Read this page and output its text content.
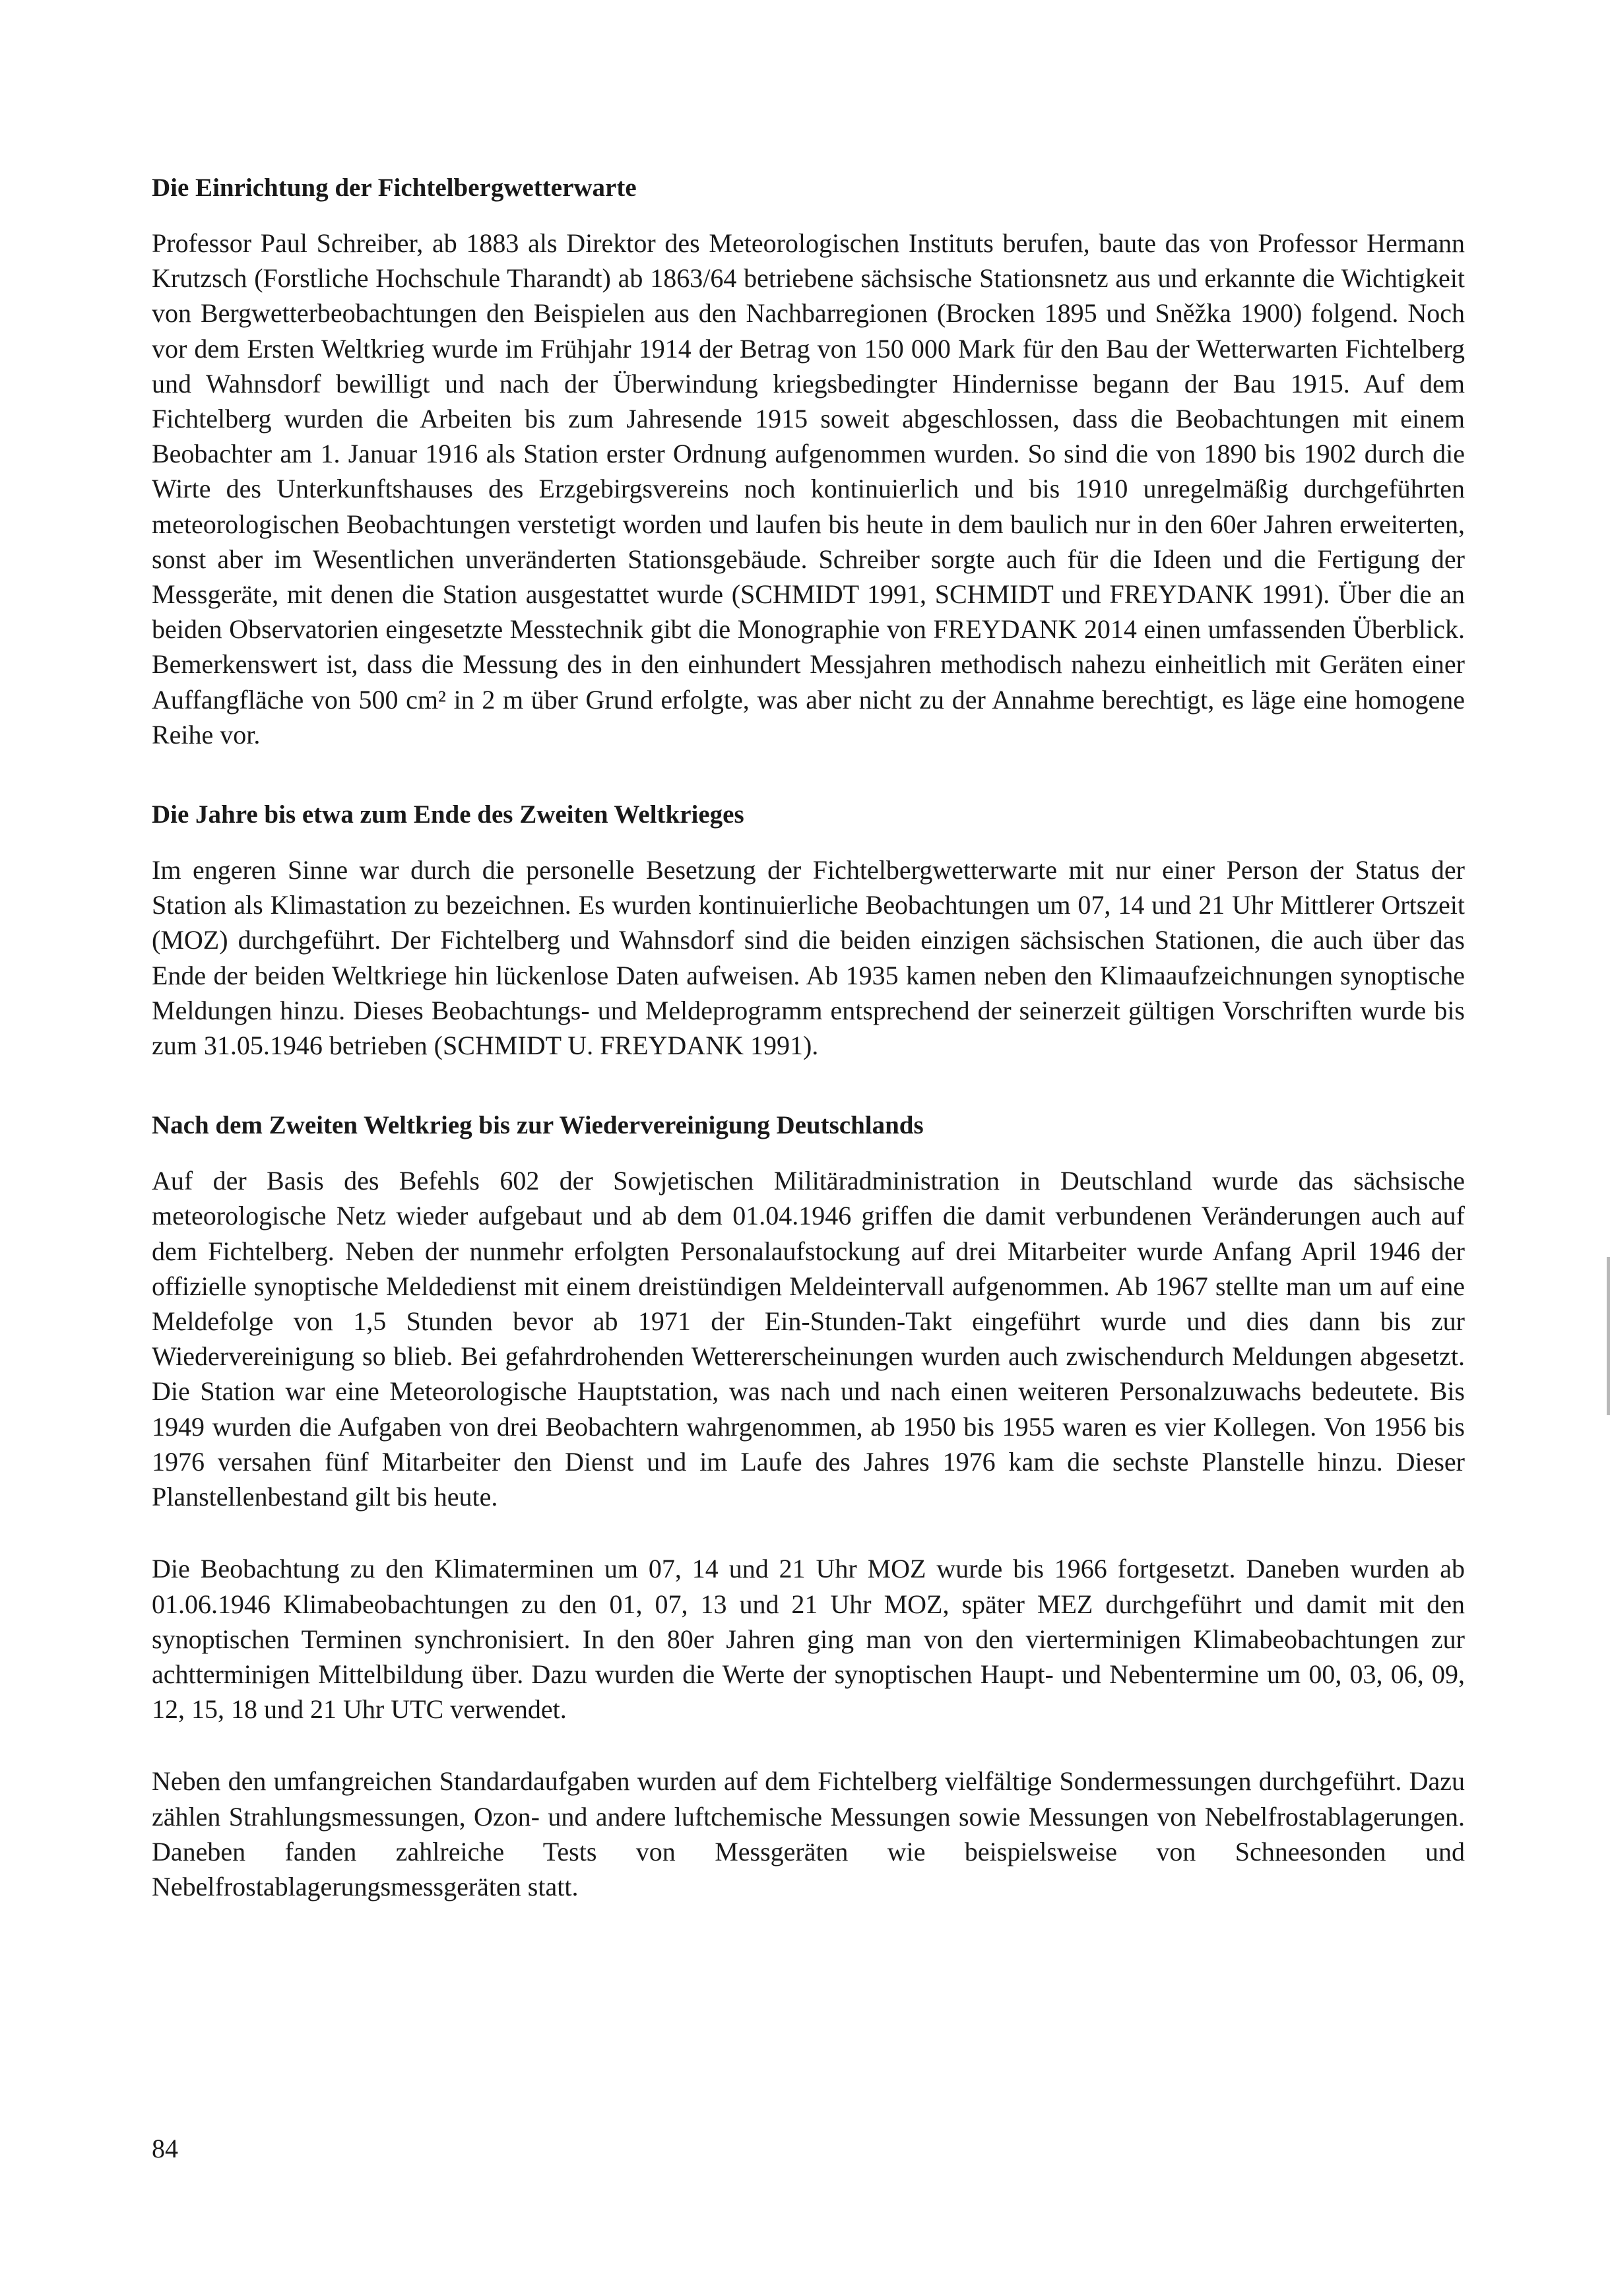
Die Einrichtung der Fichtelbergwetterwarte

Professor Paul Schreiber, ab 1883 als Direktor des Meteorologischen Instituts berufen, baute das von Professor Hermann Krutzsch (Forstliche Hochschule Tharandt) ab 1863/64 betriebene sächsische Stationsnetz aus und erkannte die Wichtigkeit von Bergwetterbeobachtungen den Beispielen aus den Nachbarregionen (Brocken 1895 und Sněžka 1900) folgend. Noch vor dem Ersten Weltkrieg wurde im Frühjahr 1914 der Betrag von 150 000 Mark für den Bau der Wetterwarten Fichtelberg und Wahnsdorf bewilligt und nach der Überwindung kriegsbedingter Hindernisse begann der Bau 1915. Auf dem Fichtelberg wurden die Arbeiten bis zum Jahresende 1915 soweit abgeschlossen, dass die Beobachtungen mit einem Beobachter am 1. Januar 1916 als Station erster Ordnung aufgenommen wurden. So sind die von 1890 bis 1902 durch die Wirte des Unterkunftshauses des Erzgebirgsvereins noch kontinuierlich und bis 1910 unregelmäßig durchgeführten meteorologischen Beobachtungen verstetigt worden und laufen bis heute in dem baulich nur in den 60er Jahren erweiterten, sonst aber im Wesentlichen unveränderten Stationsgebäude. Schreiber sorgte auch für die Ideen und die Fertigung der Messgeräte, mit denen die Station ausgestattet wurde (SCHMIDT 1991, SCHMIDT und FREYDANK 1991). Über die an beiden Observatorien eingesetzte Messtechnik gibt die Monographie von FREYDANK 2014 einen umfassenden Überblick. Bemerkenswert ist, dass die Messung des in den einhundert Messjahren methodisch nahezu einheitlich mit Geräten einer Auffangfläche von 500 cm² in 2 m über Grund erfolgte, was aber nicht zu der Annahme berechtigt, es läge eine homogene Reihe vor.

Die Jahre bis etwa zum Ende des Zweiten Weltkrieges

Im engeren Sinne war durch die personelle Besetzung der Fichtelbergwetterwarte mit nur einer Person der Status der Station als Klimastation zu bezeichnen. Es wurden kontinuierliche Beobachtungen um 07, 14 und 21 Uhr Mittlerer Ortszeit (MOZ) durchgeführt. Der Fichtelberg und Wahnsdorf sind die beiden einzigen sächsischen Stationen, die auch über das Ende der beiden Weltkriege hin lückenlose Daten aufweisen. Ab 1935 kamen neben den Klimaaufzeichnungen synoptische Meldungen hinzu. Dieses Beobachtungs- und Meldeprogramm entsprechend der seinerzeit gültigen Vorschriften wurde bis zum 31.05.1946 betrieben (SCHMIDT U. FREYDANK 1991).

Nach dem Zweiten Weltkrieg bis zur Wiedervereinigung Deutschlands

Auf der Basis des Befehls 602 der Sowjetischen Militäradministration in Deutschland wurde das sächsische meteorologische Netz wieder aufgebaut und ab dem 01.04.1946 griffen die damit verbundenen Veränderungen auch auf dem Fichtelberg. Neben der nunmehr erfolgten Personalaufstockung auf drei Mitarbeiter wurde Anfang April 1946 der offizielle synoptische Meldedienst mit einem dreistündigen Meldeintervall aufgenommen. Ab 1967 stellte man um auf eine Meldefolge von 1,5 Stunden bevor ab 1971 der Ein-Stunden-Takt eingeführt wurde und dies dann bis zur Wiedervereinigung so blieb. Bei gefahrdrohenden Wettererscheinungen wurden auch zwischendurch Meldungen abgesetzt. Die Station war eine Meteorologische Hauptstation, was nach und nach einen weiteren Personalzuwachs bedeutete. Bis 1949 wurden die Aufgaben von drei Beobachtern wahrgenommen, ab 1950 bis 1955 waren es vier Kollegen. Von 1956 bis 1976 versahen fünf Mitarbeiter den Dienst und im Laufe des Jahres 1976 kam die sechste Planstelle hinzu. Dieser Planstellenbestand gilt bis heute.

Die Beobachtung zu den Klimaterminen um 07, 14 und 21 Uhr MOZ wurde bis 1966 fortgesetzt. Daneben wurden ab 01.06.1946 Klimabeobachtungen zu den 01, 07, 13 und 21 Uhr MOZ, später MEZ durchgeführt und damit mit den synoptischen Terminen synchronisiert. In den 80er Jahren ging man von den vierterminigen Klimabeobachtungen zur achtterminigen Mittelbildung über. Dazu wurden die Werte der synoptischen Haupt- und Nebentermine um 00, 03, 06, 09, 12, 15, 18 und 21 Uhr UTC verwendet.

Neben den umfangreichen Standardaufgaben wurden auf dem Fichtelberg vielfältige Sondermessungen durchgeführt. Dazu zählen Strahlungsmessungen, Ozon- und andere luftchemische Messungen sowie Messungen von Nebelfrostablagerungen. Daneben fanden zahlreiche Tests von Messgeräten wie beispielsweise von Schneesonden und Nebelfrostablagerungsmessgeräten statt.

84
